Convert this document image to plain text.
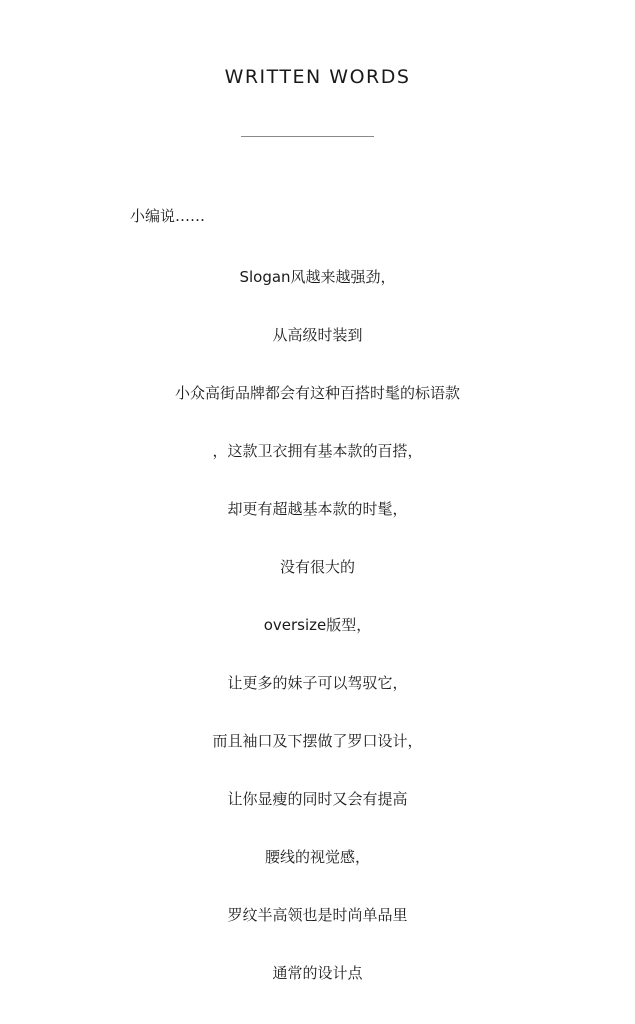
WRITTEN WORDS
小编说……
Slogan风越来越强劲，
从高级时装到
小众高街品牌都会有这种百搭时髦的标语款
，这款卫衣拥有基本款的百搭，
却更有超越基本款的时髦，
没有很大的
oversize版型，
让更多的妹子可以驾驭它，
而且袖口及下摆做了罗口设计，
让你显瘦的同时又会有提高
腰线的视觉感，
罗纹半高领也是时尚单品里
通常的设计点
